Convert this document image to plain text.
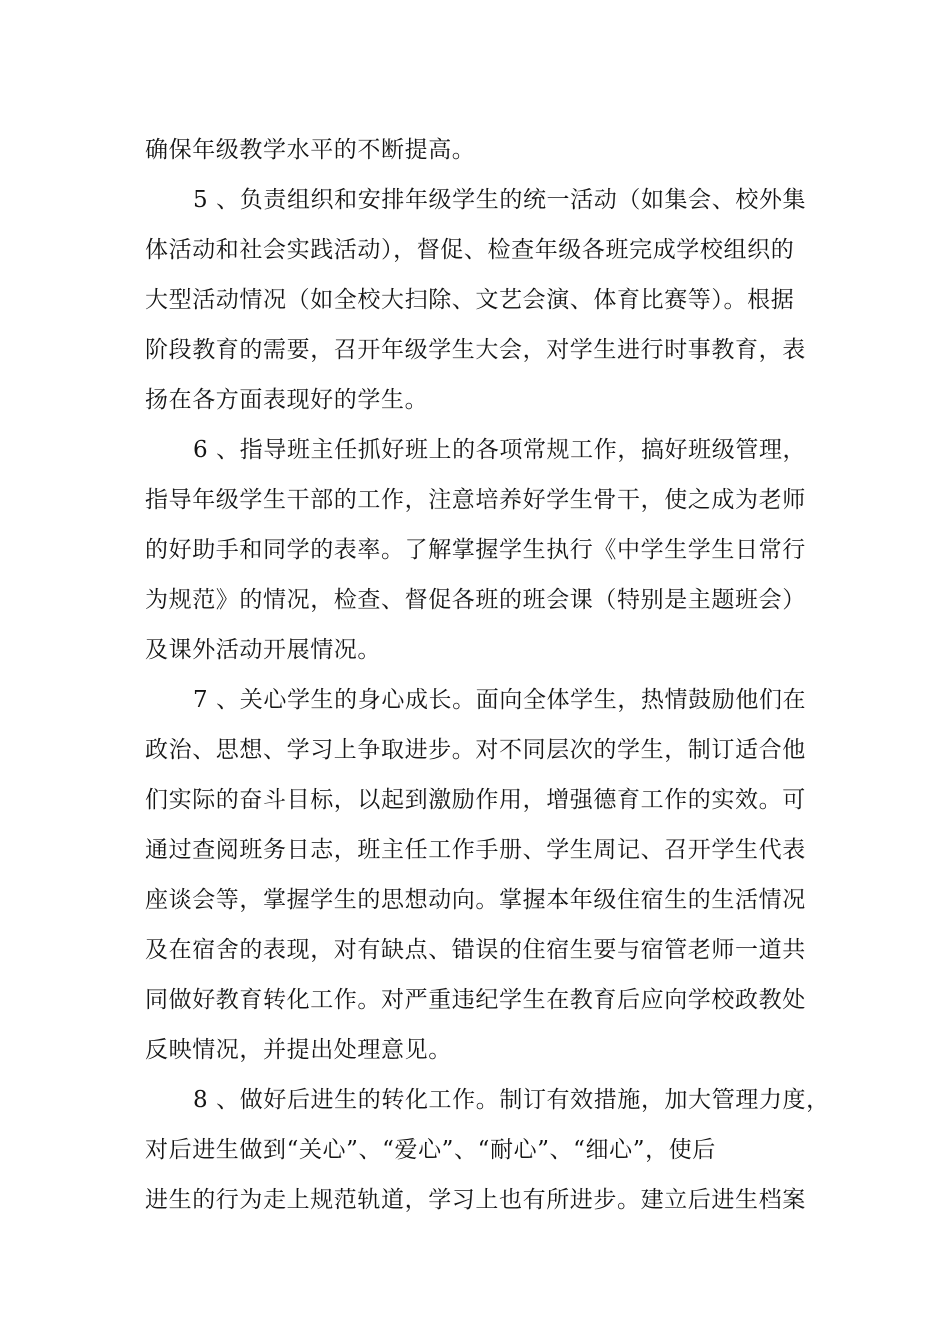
确保年级教学水平的不断提高。
5 、负责组织和安排年级学生的统一活动（如集会、校外集
体活动和社会实践活动），督促、检查年级各班完成学校组织的
大型活动情况（如全校大扫除、文艺会演、体育比赛等）。根据
阶段教育的需要，召开年级学生大会，对学生进行时事教育，表
扬在各方面表现好的学生。
6 、指导班主任抓好班上的各项常规工作，搞好班级管理，
指导年级学生干部的工作，注意培养好学生骨干，使之成为老师
的好助手和同学的表率。了解掌握学生执行《中学生学生日常行
为规范》的情况，检查、督促各班的班会课（特别是主题班会）
及课外活动开展情况。
7 、关心学生的身心成长。面向全体学生，热情鼓励他们在
政治、思想、学习上争取进步。对不同层次的学生，制订适合他
们实际的奋斗目标，以起到激励作用，增强德育工作的实效。可
通过查阅班务日志，班主任工作手册、学生周记、召开学生代表
座谈会等，掌握学生的思想动向。掌握本年级住宿生的生活情况
及在宿舍的表现，对有缺点、错误的住宿生要与宿管老师一道共
同做好教育转化工作。对严重违纪学生在教育后应向学校政教处
反映情况，并提出处理意见。
8 、做好后进生的转化工作。制订有效措施，加大管理力度，
对后进生做到“关心”、“爱心”、“耐心”、“细心”，使后
进生的行为走上规范轨道，学习上也有所进步。建立后进生档案
